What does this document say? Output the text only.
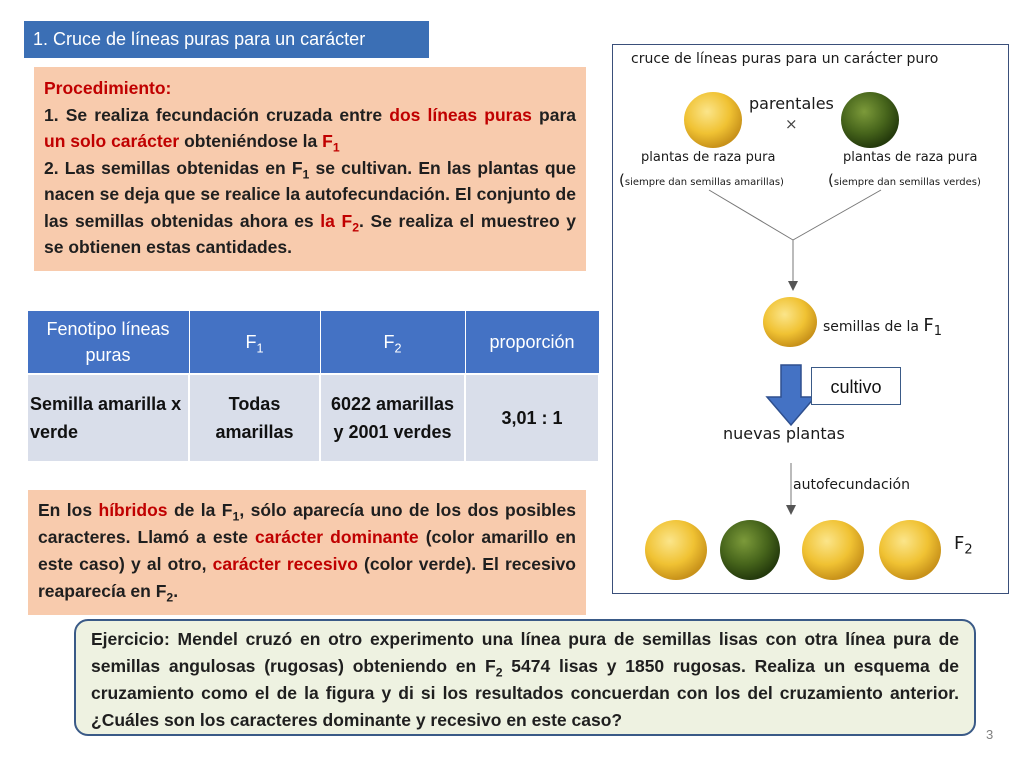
1. Cruce de líneas puras para un carácter
Procedimiento:
1. Se realiza fecundación cruzada entre dos líneas puras para un solo carácter obteniéndose la $F_1$
2. Las semillas obtenidas en $F_1$ se cultivan. En las plantas que nacen se deja que se realice la autofecundación. El conjunto de las semillas obtenidas ahora es la $F_2$. Se realiza el muestreo y se obtienen estas cantidades.
Fenotipo líneas puras	$F_1$	$F_2$	proporción
Semilla amarilla x verde	Todas amarillas	6022 amarillas y 2001 verdes	3,01 : 1
En los híbridos de la $F_1$, sólo aparecía uno de los dos posibles caracteres. Llamó a este carácter dominante (color amarillo en este caso) y al otro, carácter recesivo (color verde). El recesivo reaparecía en $F_2$.
Ejercicio: Mendel cruzó en otro experimento una línea pura de semillas lisas con otra línea pura de semillas angulosas (rugosas) obteniendo en $F_2$ 5474 lisas y 1850 rugosas. Realiza un esquema de cruzamiento como el de la figura y di si los resultados concuerdan con los del cruzamiento anterior. ¿Cuáles son los caracteres dominante y recesivo en este caso?
3
cruce de líneas puras para un carácter puro
parentales
×
plantas de raza pura
(siempre dan semillas amarillas)
plantas de raza pura
(siempre dan semillas verdes)
semillas de la $F_1$
cultivo
nuevas plantas
autofecundación
$F_2$
